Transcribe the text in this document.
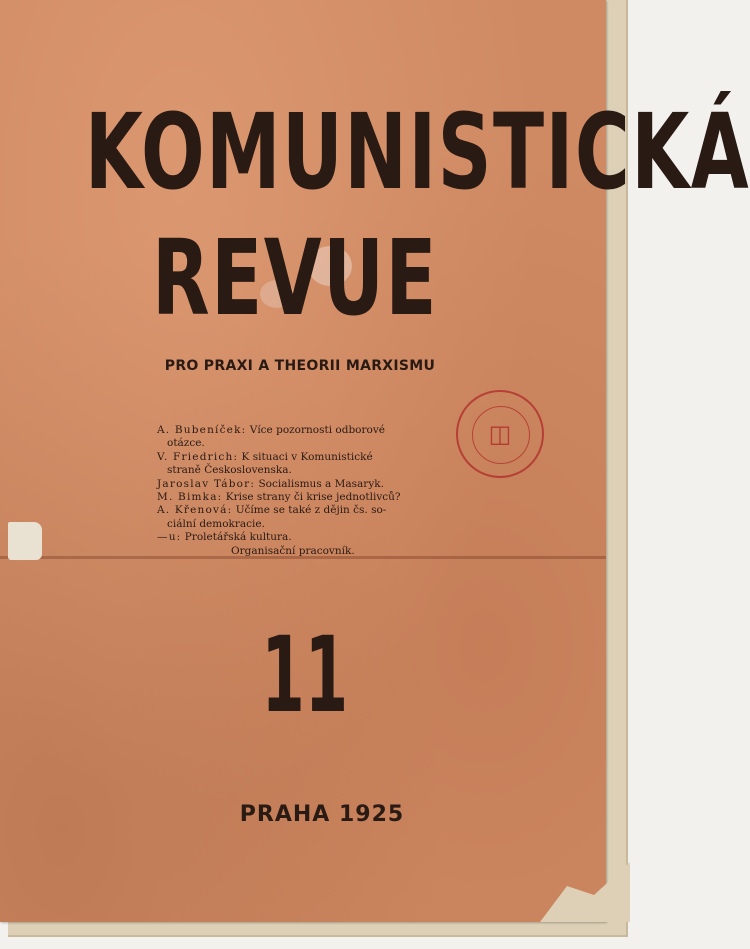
KOMUNISTICKÁ
REVUE
PRO PRAXI A THEORII MARXISMU
A. Bubeníček: Více pozornosti odborové
otázce.
V. Friedrich: K situaci v Komunistické
straně Československa.
Jaroslav Tábor: Socialismus a Masaryk.
M. Bimka: Krise strany či krise jednotlivců?
A. Křenová: Učíme se také z dějin čs. so-
ciální demokracie.
—u: Proletářská kultura.
Organisační pracovník.
◫
11
PRAHA 1925
